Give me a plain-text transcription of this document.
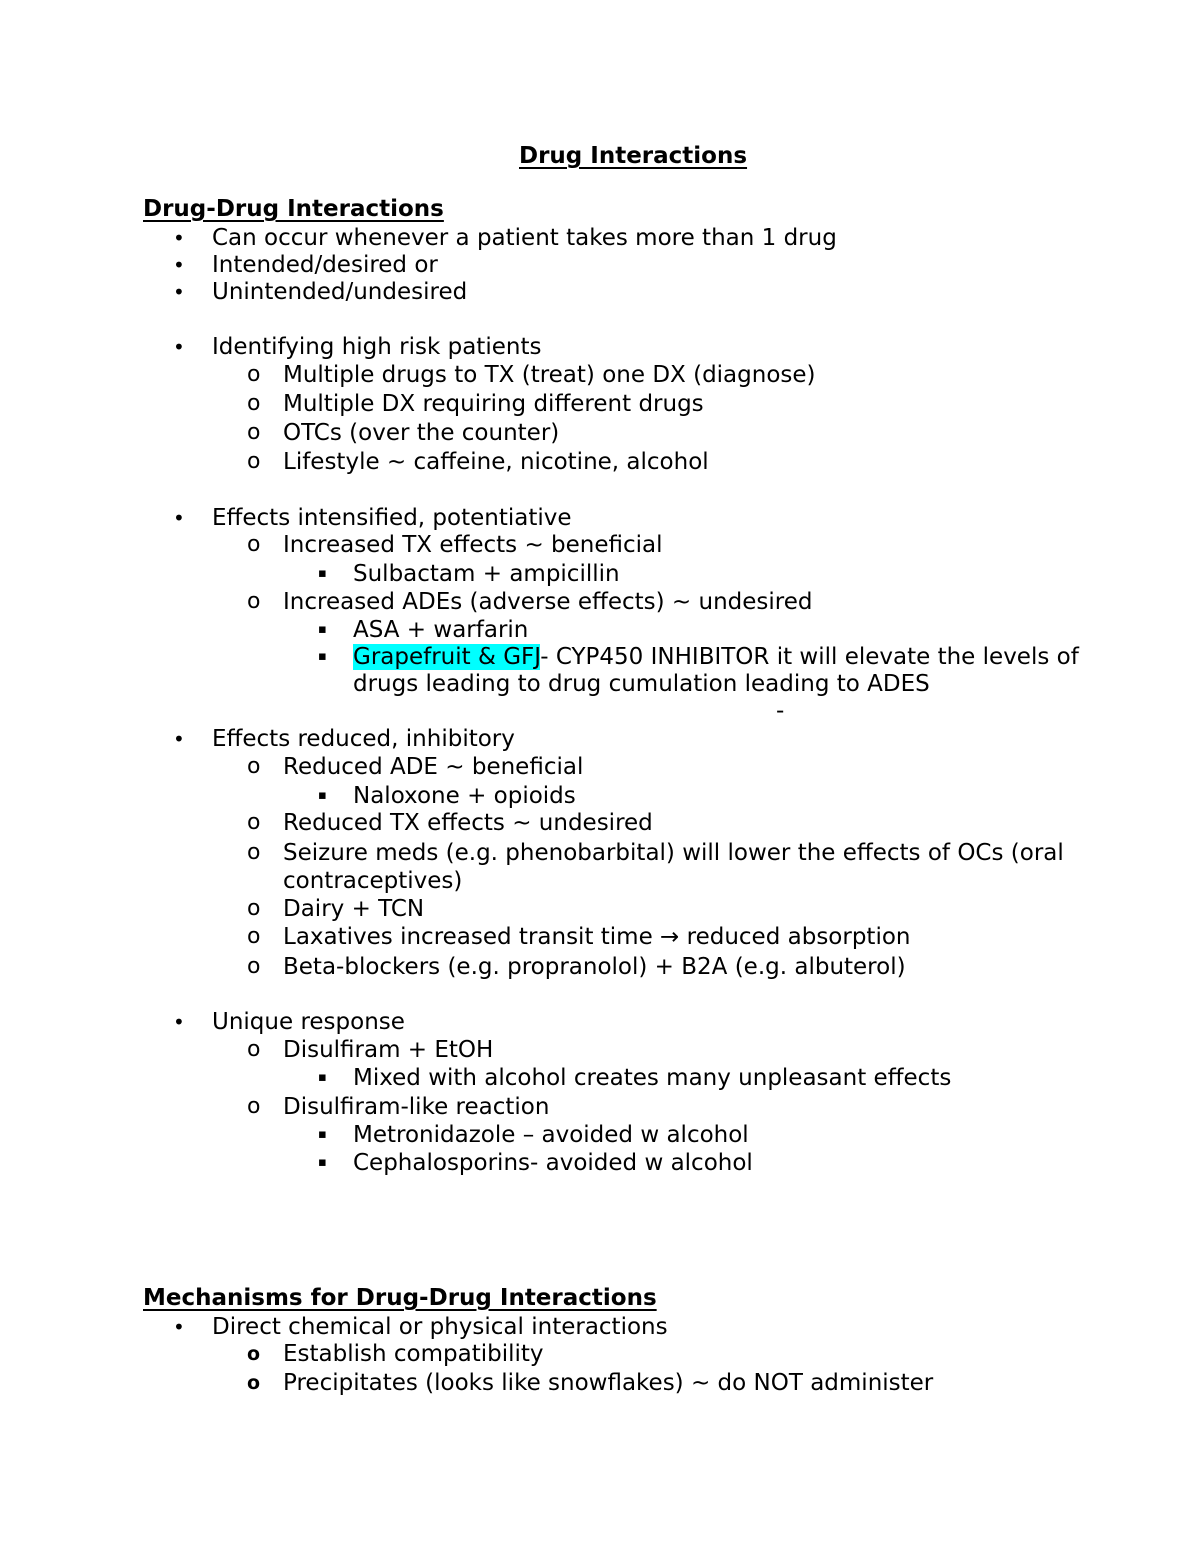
Drug Interactions
Drug-Drug Interactions
• Can occur whenever a patient takes more than 1 drug
• Intended/desired or
• Unintended/undesired
• Identifying high risk patients
o Multiple drugs to TX (treat) one DX (diagnose)
o Multiple DX requiring different drugs
o OTCs (over the counter)
o Lifestyle ~ caffeine, nicotine, alcohol
• Effects intensified, potentiative
o Increased TX effects ~ beneficial
▪ Sulbactam + ampicillin
o Increased ADEs (adverse effects) ~ undesired
▪ ASA + warfarin
▪ Grapefruit & GFJ- CYP450 INHIBITOR it will elevate the levels of
drugs leading to drug cumulation leading to ADES
-
• Effects reduced, inhibitory
o Reduced ADE ~ beneficial
▪ Naloxone + opioids
o Reduced TX effects ~ undesired
o Seizure meds (e.g. phenobarbital) will lower the effects of OCs (oral
contraceptives)
o Dairy + TCN
o Laxatives increased transit time → reduced absorption
o Beta-blockers (e.g. propranolol) + B2A (e.g. albuterol)
• Unique response
o Disulfiram + EtOH
▪ Mixed with alcohol creates many unpleasant effects
o Disulfiram-like reaction
▪ Metronidazole – avoided w alcohol
▪ Cephalosporins- avoided w alcohol
Mechanisms for Drug-Drug Interactions
• Direct chemical or physical interactions
o Establish compatibility
o Precipitates (looks like snowflakes) ~ do NOT administer
